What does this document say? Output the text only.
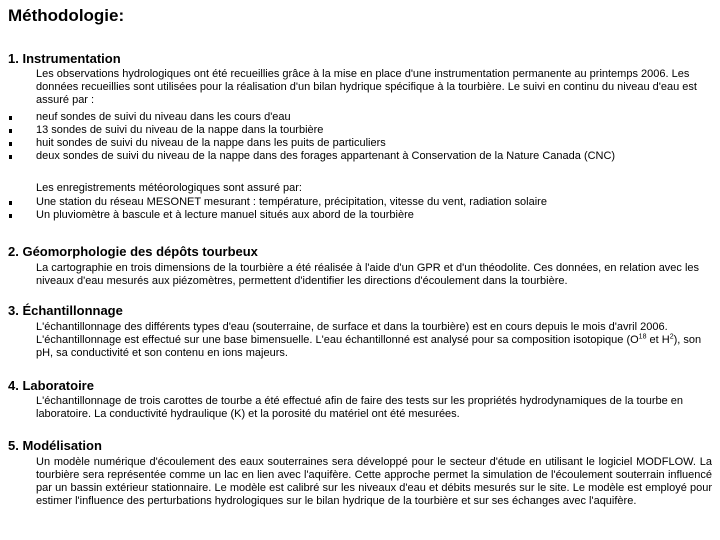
Méthodologie:
1. Instrumentation

Les observations hydrologiques ont été recueillies grâce à la mise en place d'une instrumentation permanente au printemps 2006. Les données recueillies sont utilisées pour la réalisation d'un bilan hydrique spécifique à la tourbière. Le suivi en continu du niveau d'eau est assuré par :

neuf sondes de suivi du niveau dans les cours d'eau
13 sondes de suivi du niveau de la nappe dans la tourbière
huit sondes de suivi du niveau de la nappe dans les puits de particuliers
deux sondes de suivi du niveau de la nappe dans des forages appartenant à Conservation de la Nature Canada (CNC)

Les enregistrements météorologiques sont assuré par:

Une station du réseau MESONET mesurant : température, précipitation, vitesse du vent, radiation solaire
Un pluviomètre à bascule et à lecture manuel situés aux abord de la tourbière
2. Géomorphologie des dépôts tourbeux

La cartographie en trois dimensions de la tourbière a été réalisée à l'aide d'un GPR et d'un théodolite. Ces données, en relation avec les niveaux d'eau mesurés aux piézomètres, permettent d'identifier les directions d'écoulement dans la tourbière.

3. Échantillonnage

L'échantillonnage des différents types d'eau (souterraine, de surface et dans la tourbière) est en cours depuis le mois d'avril 2006. L'échantillonnage est effectué sur une base bimensuelle. L'eau échantillonné est analysé pour sa composition isotopique ($O^{18}$ et $H^2$), son pH, sa conductivité et son contenu en ions majeurs.

4. Laboratoire

L'échantillonnage de trois carottes de tourbe a été effectué afin de faire des tests sur les propriétés hydrodynamiques de la tourbe en laboratoire. La conductivité hydraulique (K) et la porosité du matériel ont été mesurées.

5. Modélisation

Un modèle numérique d'écoulement des eaux souterraines sera développé pour le secteur d'étude en utilisant le logiciel MODFLOW. La tourbière sera représentée comme un lac en lien avec l'aquifère. Cette approche permet la simulation de l'écoulement souterrain influencé par un bassin extérieur stationnaire. Le modèle est calibré sur les niveaux d'eau et débits mesurés sur le site. Le modèle est employé pour estimer l'influence des perturbations hydrologiques sur le bilan hydrique de la tourbière et sur ses échanges avec l'aquifère.
